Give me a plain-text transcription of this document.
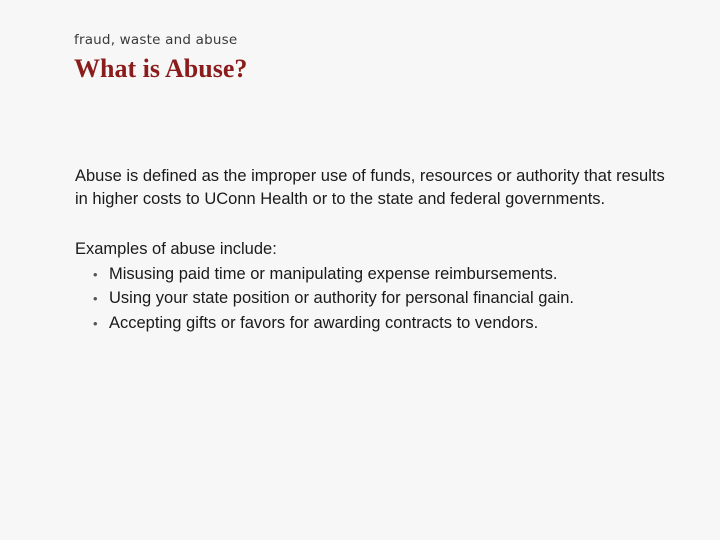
fraud, waste and abuse
What is Abuse?

Abuse is defined as the improper use of funds, resources or authority that results in higher costs to UConn Health or to the state and federal governments.

Examples of abuse include:

• Misusing paid time or manipulating expense reimbursements.
• Using your state position or authority for personal financial gain.
• Accepting gifts or favors for awarding contracts to vendors.
